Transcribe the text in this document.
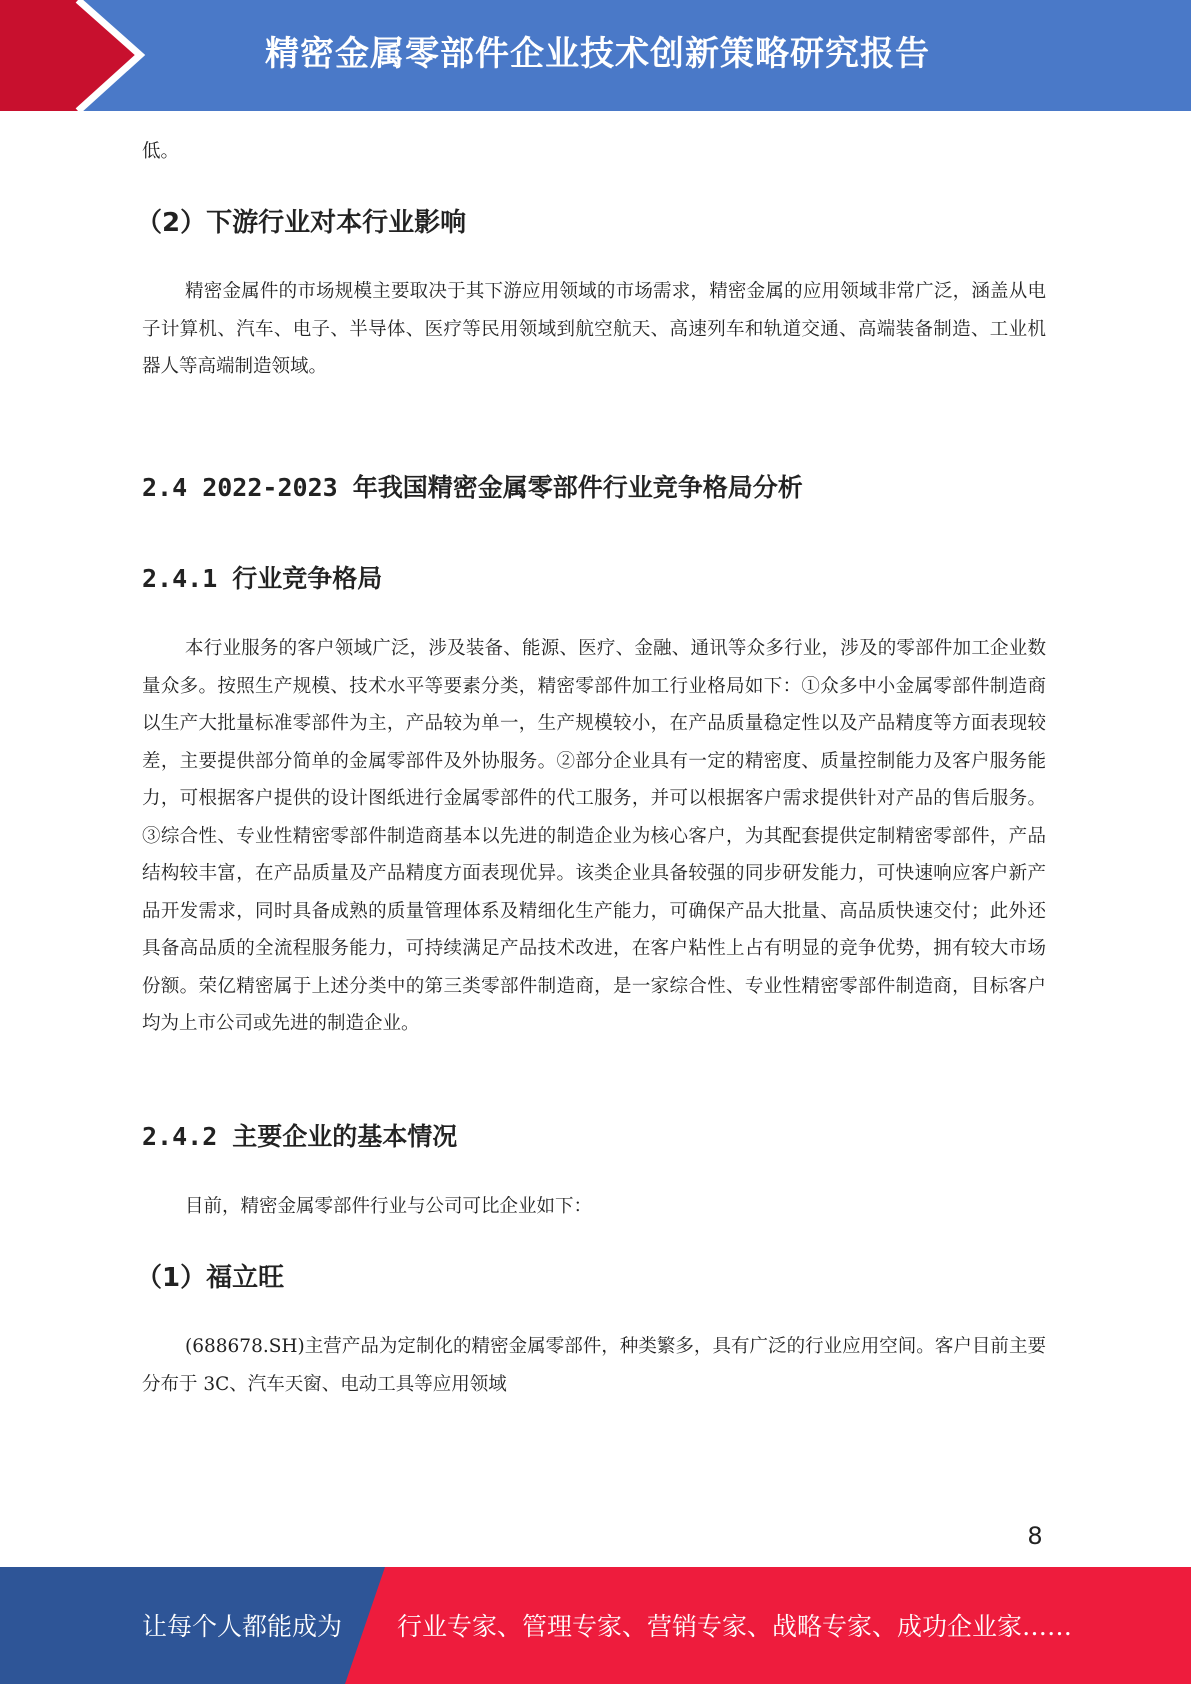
精密金属零部件企业技术创新策略研究报告

低。

（2）下游行业对本行业影响

精密金属件的市场规模主要取决于其下游应用领域的市场需求，精密金属的应用领域非常广泛，涵盖从电子计算机、汽车、电子、半导体、医疗等民用领域到航空航天、高速列车和轨道交通、高端装备制造、工业机器人等高端制造领域。

2.4 2022-2023 年我国精密金属零部件行业竞争格局分析
2.4.1 行业竞争格局

本行业服务的客户领域广泛，涉及装备、能源、医疗、金融、通讯等众多行业，涉及的零部件加工企业数量众多。按照生产规模、技术水平等要素分类，精密零部件加工行业格局如下：①众多中小金属零部件制造商以生产大批量标准零部件为主，产品较为单一，生产规模较小，在产品质量稳定性以及产品精度等方面表现较差，主要提供部分简单的金属零部件及外协服务。②部分企业具有一定的精密度、质量控制能力及客户服务能力，可根据客户提供的设计图纸进行金属零部件的代工服务，并可以根据客户需求提供针对产品的售后服务。③综合性、专业性精密零部件制造商基本以先进的制造企业为核心客户，为其配套提供定制精密零部件，产品结构较丰富，在产品质量及产品精度方面表现优异。该类企业具备较强的同步研发能力，可快速响应客户新产品开发需求，同时具备成熟的质量管理体系及精细化生产能力，可确保产品大批量、高品质快速交付；此外还具备高品质的全流程服务能力，可持续满足产品技术改进，在客户粘性上占有明显的竞争优势，拥有较大市场份额。荣亿精密属于上述分类中的第三类零部件制造商，是一家综合性、专业性精密零部件制造商，目标客户均为上市公司或先进的制造企业。

2.4.2 主要企业的基本情况

目前，精密金属零部件行业与公司可比企业如下：

（1）福立旺

(688678.SH)主营产品为定制化的精密金属零部件，种类繁多，具有广泛的行业应用空间。客户目前主要分布于 3C、汽车天窗、电动工具等应用领域

8
让每个人都能成为 行业专家、管理专家、营销专家、战略专家、成功企业家……
